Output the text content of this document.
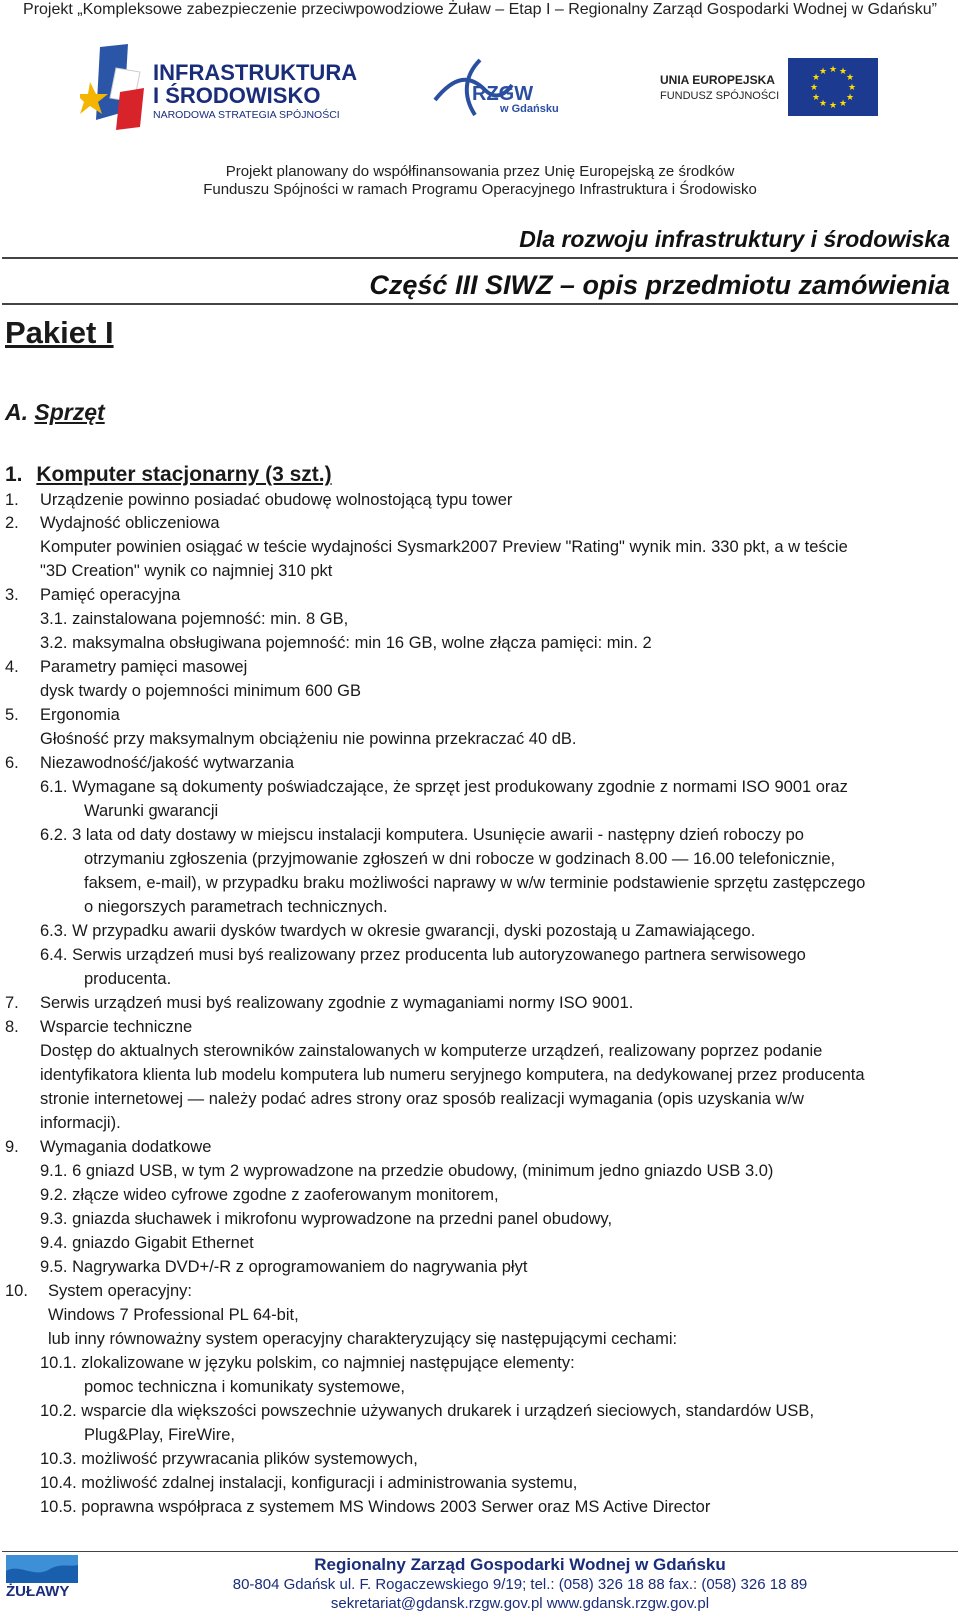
Projekt „Kompleksowe zabezpieczenie przeciwpowodziowe Żuław – Etap I – Regionalny Zarząd Gospodarki Wodnej w Gdańsku”
INFRASTRUKTURA
I ŚRODOWISKO
NARODOWA STRATEGIA SPÓJNOŚCI
RZGW
w Gdańsku
UNIA EUROPEJSKA
FUNDUSZ SPÓJNOŚCI
★ ★
★
★
★
★
★
★
★
★
★
★
Projekt planowany do współfinansowania przez Unię Europejską ze środków
Funduszu Spójności w ramach Programu Operacyjnego Infrastruktura i Środowisko
Dla rozwoju infrastruktury i środowiska
Część III SIWZ – opis przedmiotu zamówienia
Pakiet I
A. Sprzęt
1. Komputer stacjonarny (3 szt.)
1. Urządzenie powinno posiadać obudowę wolnostojącą typu tower
2. Wydajność obliczeniowa
Komputer powinien osiągać w teście wydajności Sysmark2007 Preview "Rating" wynik min. 330 pkt, a w teście
"3D Creation" wynik co najmniej 310 pkt
3. Pamięć operacyjna
3.1. zainstalowana pojemność: min. 8 GB,
3.2. maksymalna obsługiwana pojemność: min 16 GB, wolne złącza pamięci: min. 2
4. Parametry pamięci masowej
dysk twardy o pojemności minimum 600 GB
5. Ergonomia
Głośność przy maksymalnym obciążeniu nie powinna przekraczać 40 dB.
6. Niezawodność/jakość wytwarzania
6.1. Wymagane są dokumenty poświadczające, że sprzęt jest produkowany zgodnie z normami ISO 9001 oraz
Warunki gwarancji
6.2. 3 lata od daty dostawy w miejscu instalacji komputera. Usunięcie awarii - następny dzień roboczy po
otrzymaniu zgłoszenia (przyjmowanie zgłoszeń w dni robocze w godzinach 8.00 — 16.00 telefonicznie,
faksem, e-mail), w przypadku braku możliwości naprawy w w/w terminie podstawienie sprzętu zastępczego
o niegorszych parametrach technicznych.
6.3. W przypadku awarii dysków twardych w okresie gwarancji, dyski pozostają u Zamawiającego.
6.4. Serwis urządzeń musi byś realizowany przez producenta lub autoryzowanego partnera serwisowego
producenta.
7. Serwis urządzeń musi byś realizowany zgodnie z wymaganiami normy ISO 9001.
8. Wsparcie techniczne
Dostęp do aktualnych sterowników zainstalowanych w komputerze urządzeń, realizowany poprzez podanie
identyfikatora klienta lub modelu komputera lub numeru seryjnego komputera, na dedykowanej przez producenta
stronie internetowej — należy podać adres strony oraz sposób realizacji wymagania (opis uzyskania w/w
informacji).
9. Wymagania dodatkowe
9.1. 6 gniazd USB, w tym 2 wyprowadzone na przedzie obudowy, (minimum jedno gniazdo USB 3.0)
9.2. złącze wideo cyfrowe zgodne z zaoferowanym monitorem,
9.3. gniazda słuchawek i mikrofonu wyprowadzone na przedni panel obudowy,
9.4. gniazdo Gigabit Ethernet
9.5. Nagrywarka DVD+/-R z oprogramowaniem do nagrywania płyt
10. System operacyjny:
Windows 7 Professional PL 64-bit,
lub inny równoważny system operacyjny charakteryzujący się następującymi cechami:
10.1. zlokalizowane w języku polskim, co najmniej następujące elementy:
pomoc techniczna i komunikaty systemowe,
10.2. wsparcie dla większości powszechnie używanych drukarek i urządzeń sieciowych, standardów USB,
Plug&Play, FireWire,
10.3. możliwość przywracania plików systemowych,
10.4. możliwość zdalnej instalacji, konfiguracji i administrowania systemu,
10.5. poprawna współpraca z systemem MS Windows 2003 Serwer oraz MS Active Director
ŻUŁAWY
Regionalny Zarząd Gospodarki Wodnej w Gdańsku
80-804 Gdańsk ul. F. Rogaczewskiego 9/19; tel.: (058) 326 18 88 fax.: (058) 326 18 89
sekretariat@gdansk.rzgw.gov.pl www.gdansk.rzgw.gov.pl
